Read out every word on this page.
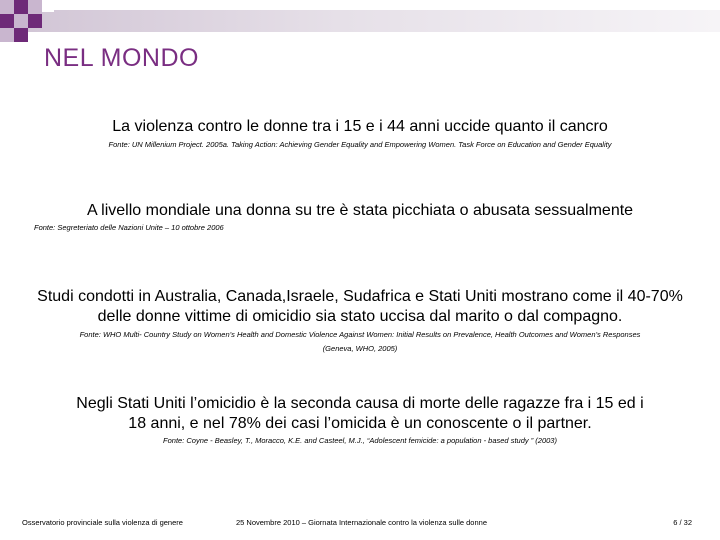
NEL MONDO
La violenza contro le donne tra i 15 e i 44 anni uccide quanto il cancro
Fonte: UN Millenium Project. 2005a. Taking Action: Achieving Gender Equality and Empowering Women. Task Force on Education and Gender Equality
A livello mondiale una donna su tre è stata picchiata o abusata sessualmente
Fonte: Segreteriato delle Nazioni Unite – 10 ottobre 2006
Studi condotti in Australia, Canada,Israele, Sudafrica e Stati Uniti mostrano come il 40-70%
delle donne vittime di omicidio sia stato uccisa dal marito o dal compagno.
Fonte: WHO Multi- Country Study on Women’s Health and Domestic Violence Against Women: Initial Results on Prevalence, Health Outcomes and Women’s Responses
(Geneva, WHO, 2005)
Negli Stati Uniti l’omicidio è la seconda causa di morte delle ragazze fra i 15 ed i
18 anni, e nel 78% dei casi l’omicida è un conoscente o il partner.
Fonte: Coyne - Beasley, T., Moracco, K.E. and Casteel, M.J., “Adolescent femicide: a population - based study ” (2003)
Osservatorio provinciale sulla violenza di genere	25 Novembre 2010 – Giornata Internazionale contro la violenza sulle donne	6 / 32
